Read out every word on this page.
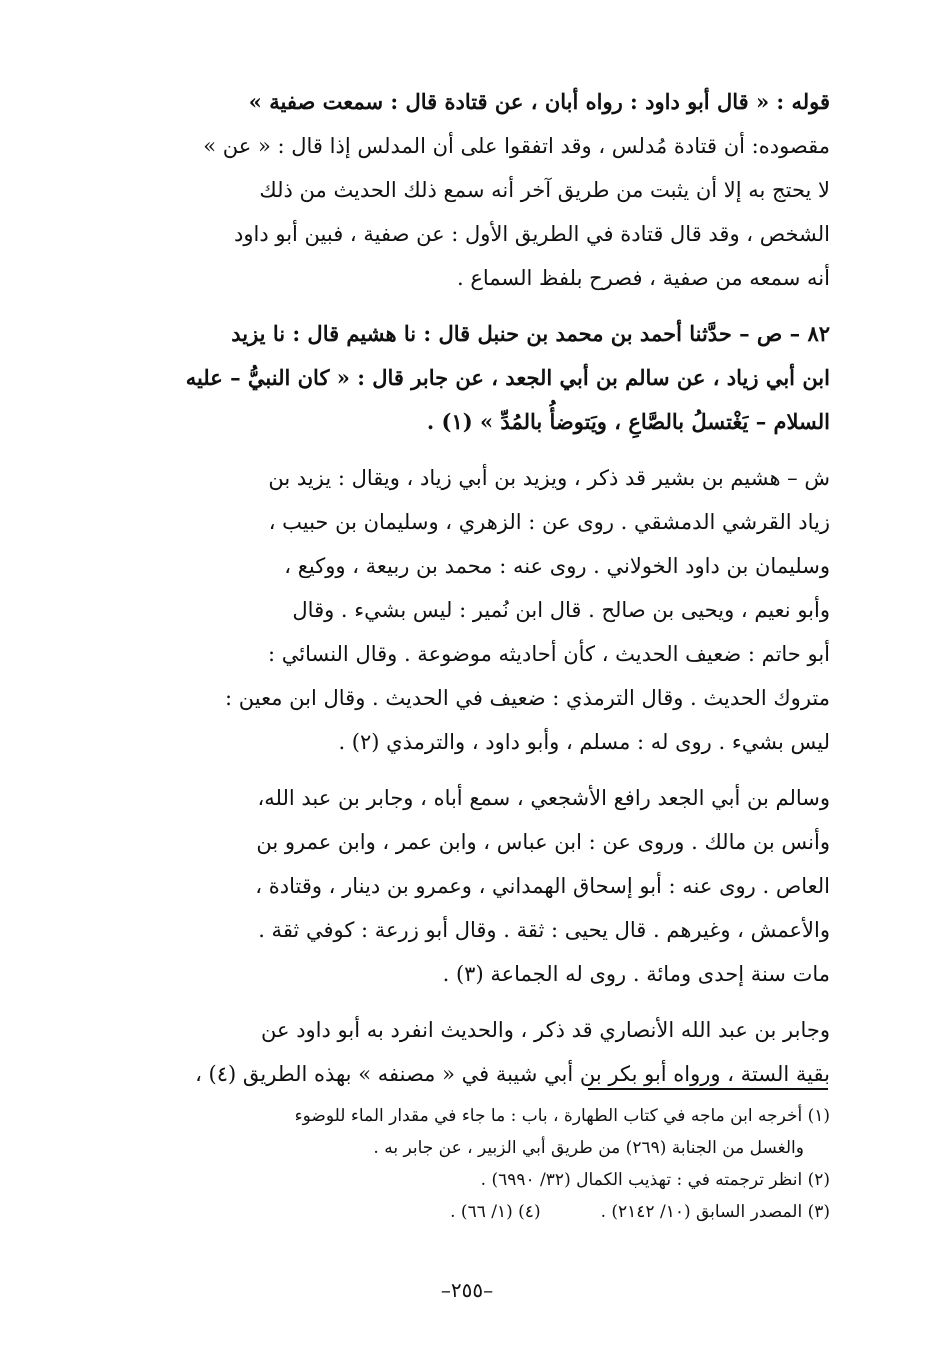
قوله : « قال أبو داود : رواه أبان ، عن قتادة قال : سمعت صفية »
مقصوده: أن قتادة مُدلس ، وقد اتفقوا على أن المدلس إذا قال : « عن »
لا يحتج به إلا أن يثبت من طريق آخر أنه سمع ذلك الحديث من ذلك
الشخص ، وقد قال قتادة في الطريق الأول : عن صفية ، فبين أبو داود
أنه سمعه من صفية ، فصرح بلفظ السماع .

٨٢ – ص – حدَّثنا أحمد بن محمد بن حنبل قال : نا هشيم قال : نا يزيد
ابن أبي زياد ، عن سالم بن أبي الجعد ، عن جابر قال : « كان النبيُّ – عليه
السلام – يَغْتسلُ بالصَّاعِ ، ويَتوضأُ بالمُدِّ » (١) .

ش – هشيم بن بشير قد ذكر ، ويزيد بن أبي زياد ، ويقال : يزيد بن
زياد القرشي الدمشقي . روى عن : الزهري ، وسليمان بن حبيب ،
وسليمان بن داود الخولاني . روى عنه : محمد بن ربيعة ، ووكيع ،
وأبو نعيم ، ويحيى بن صالح . قال ابن نُمير : ليس بشيء . وقال
أبو حاتم : ضعيف الحديث ، كأن أحاديثه موضوعة . وقال النسائي :
متروك الحديث . وقال الترمذي : ضعيف في الحديث . وقال ابن معين :
ليس بشيء . روى له : مسلم ، وأبو داود ، والترمذي (٢) .

وسالم بن أبي الجعد رافع الأشجعي ، سمع أباه ، وجابر بن عبد الله،
وأنس بن مالك . وروى عن : ابن عباس ، وابن عمر ، وابن عمرو بن
العاص . روى عنه : أبو إسحاق الهمداني ، وعمرو بن دينار ، وقتادة ،
والأعمش ، وغيرهم . قال يحيى : ثقة . وقال أبو زرعة : كوفي ثقة .
مات سنة إحدى ومائة . روى له الجماعة (٣) .

وجابر بن عبد الله الأنصاري قد ذكر ، والحديث انفرد به أبو داود عن
بقية الستة ، ورواه أبو بكر بن أبي شيبة في « مصنفه » بهذه الطريق (٤) ،

(١) أخرجه ابن ماجه في كتاب الطهارة ، باب : ما جاء في مقدار الماء للوضوء
والغسل من الجنابة (٢٦٩) من طريق أبي الزبير ، عن جابر به .
(٢) انظر ترجمته في : تهذيب الكمال (٣٢/ ٦٩٩٠) .
(٣) المصدر السابق (١٠/ ٢١٤٢) .
(٤) (١/ ٦٦) .
–٢٥٥–
